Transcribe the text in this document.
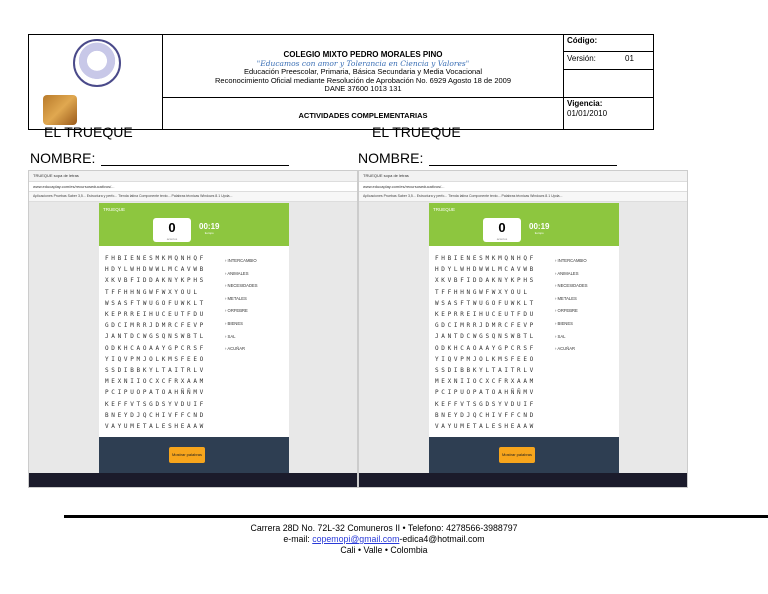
COLEGIO MIXTO PEDRO MORALES PINO
"Educamos con amor y Tolerancia en Ciencia y Valores"
Educación Preescolar, Primaria, Básica Secundaria y Media Vocacional
Reconocimiento Oficial mediante Resolución de Aprobación No. 6929 Agosto 18 de 2009
DANE 37600 1013 131
ACTIVIDADES COMPLEMENTARIAS
Código:
Versión:	01
Vigencia:
01/01/2010
EL TRUEQUE	EL TRUEQUE
NOMBRE:	NOMBRE:
TRUEQUE sopa de letras
www.educaplay.com/es/recursoseducativos/...
Aplicaciones Pruebas Saber 3,5... Estructura y perfo... Tienda latina Componente texto... Palabras técnicas Windows 8.1 Upda...
TRUEQUE
0
aciertos
00:19
tiempo
FHBIENESMKMQNHQF
HDYLWHDWWLMCAVWB
XKVBFIDDAKNYKPHS
TFFHHNGWFWXYOUL
WSASFTWUGOFUWKLT
KEPRREIHUCEUTFDU
GDCIMRRJDMRCFEVP
JANTDCWGSQNSWBTL
ODKHCAOAAYGPCRSF
YIQVPMJOLKMSFEEO
SSDIBBKYLTAITRLV
MEXNIIOCXCFRXAAM
PCIPUOPATOAHÑÑMV
KEFFVTSGDSYVDUIF
BNEYDJQCHIVFFCND
VAYUMETALESHEAAW
› INTERCAMBIO
› ANIMALES
› NECESIDADES
› METALES
› ORFEBRE
› BIENES
› SAL
› ACUÑAR
Mostrar palabras
TRUEQUE sopa de letras
www.educaplay.com/es/recursoseducativos/...
Aplicaciones Pruebas Saber 3,5... Estructura y perfo... Tienda latina Componente texto... Palabras técnicas Windows 8.1 Upda...
TRUEQUE
0
aciertos
00:19
tiempo
FHBIENESMKMQNHQF
HDYLWHDWWLMCAVWB
XKVBFIDDAKNYKPHS
TFFHHNGWFWXYOUL
WSASFTWUGOFUWKLT
KEPRREIHUCEUTFDU
GDCIMRRJDMRCFEVP
JANTDCWGSQNSWBTL
ODKHCAOAAYGPCRSF
YIQVPMJOLKMSFEEO
SSDIBBKYLTAITRLV
MEXNIIOCXCFRXAAM
PCIPUOPATOAHÑÑMV
KEFFVTSGDSYVDUIF
BNEYDJQCHIVFFCND
VAYUMETALESHEAAW
› INTERCAMBIO
› ANIMALES
› NECESIDADES
› METALES
› ORFEBRE
› BIENES
› SAL
› ACUÑAR
Mostrar palabras
Carrera 28D No. 72L-32 Comuneros II • Telefono: 4278566-3988797
e-mail: copemopi@gmail.com-edica4@hotmail.com
Cali • Valle • Colombia
